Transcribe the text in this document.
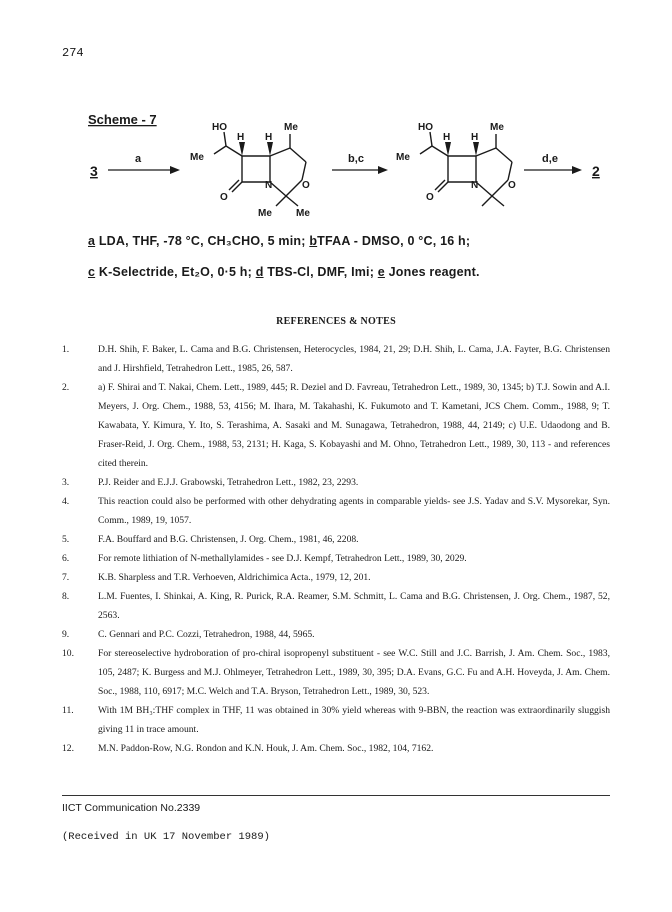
274
Scheme - 7
3
a
HO
Me
H H
Me
N	O
O
Me Me
b,c
HO
Me
H H
Me
N	O
O
d,e
2
a LDA, THF, -78 °C, CH₃CHO, 5 min; bTFAA - DMSO, 0 °C, 16 h;
c K-Selectride, Et₂O, 0·5 h; d TBS-Cl, DMF, Imi; e Jones reagent.
REFERENCES & NOTES
1.	D.H. Shih, F. Baker, L. Cama and B.G. Christensen, Heterocycles, 1984, 21, 29; D.H. Shih, L. Cama, J.A. Fayter, B.G. Christensen and J. Hirshfield, Tetrahedron Lett., 1985, 26, 587.
2.	a) F. Shirai and T. Nakai, Chem. Lett., 1989, 445; R. Deziel and D. Favreau, Tetrahedron Lett., 1989, 30, 1345; b) T.J. Sowin and A.I. Meyers, J. Org. Chem., 1988, 53, 4156; M. Ihara, M. Takahashi, K. Fukumoto and T. Kametani, JCS Chem. Comm., 1988, 9; T. Kawabata, Y. Kimura, Y. Ito, S. Terashima, A. Sasaki and M. Sunagawa, Tetrahedron, 1988, 44, 2149; c) U.E. Udaodong and B. Fraser-Reid, J. Org. Chem., 1988, 53, 2131; H. Kaga, S. Kobayashi and M. Ohno, Tetrahedron Lett., 1989, 30, 113 - and references cited therein.
3.	P.J. Reider and E.J.J. Grabowski, Tetrahedron Lett., 1982, 23, 2293.
4.	This reaction could also be performed with other dehydrating agents in comparable yields- see J.S. Yadav and S.V. Mysorekar, Syn. Comm., 1989, 19, 1057.
5.	F.A. Bouffard and B.G. Christensen, J. Org. Chem., 1981, 46, 2208.
6.	For remote lithiation of N-methallylamides - see D.J. Kempf, Tetrahedron Lett., 1989, 30, 2029.
7.	K.B. Sharpless and T.R. Verhoeven, Aldrichimica Acta., 1979, 12, 201.
8.	L.M. Fuentes, I. Shinkai, A. King, R. Purick, R.A. Reamer, S.M. Schmitt, L. Cama and B.G. Christensen, J. Org. Chem., 1987, 52, 2563.
9.	C. Gennari and P.C. Cozzi, Tetrahedron, 1988, 44, 5965.
10.	For stereoselective hydroboration of pro-chiral isopropenyl substituent - see W.C. Still and J.C. Barrish, J. Am. Chem. Soc., 1983, 105, 2487; K. Burgess and M.J. Ohlmeyer, Tetrahedron Lett., 1989, 30, 395; D.A. Evans, G.C. Fu and A.H. Hoveyda, J. Am. Chem. Soc., 1988, 110, 6917; M.C. Welch and T.A. Bryson, Tetrahedron Lett., 1989, 30, 523.
11.	With 1M BH₃:THF complex in THF, 11 was obtained in 30% yield whereas with 9-BBN, the reaction was extraordinarily sluggish giving 11 in trace amount.
12.	M.N. Paddon-Row, N.G. Rondon and K.N. Houk, J. Am. Chem. Soc., 1982, 104, 7162.
IICT Communication No.2339
(Received in UK 17 November 1989)
